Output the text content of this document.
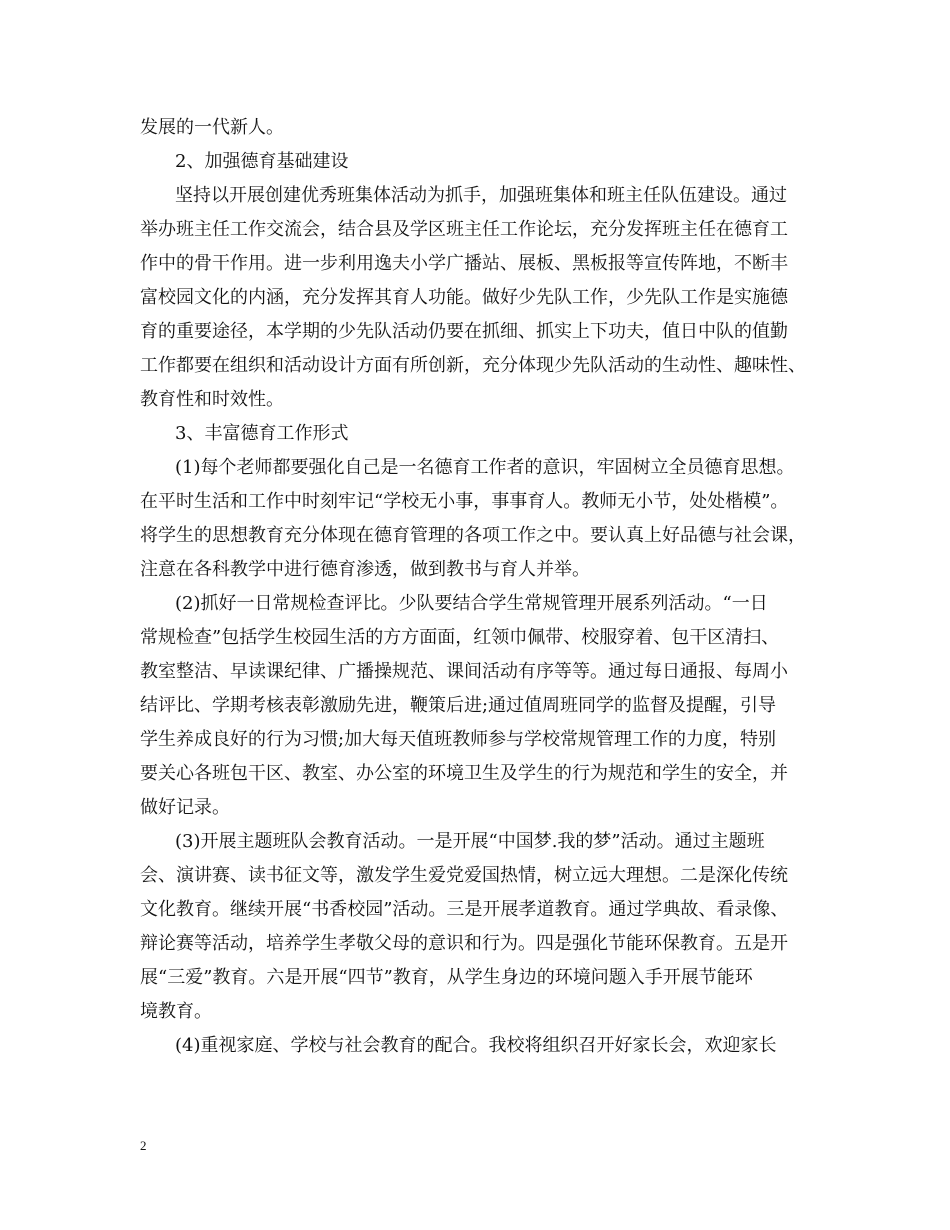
发展的一代新人。
2、加强德育基础建设
坚持以开展创建优秀班集体活动为抓手，加强班集体和班主任队伍建设。通过
举办班主任工作交流会，结合县及学区班主任工作论坛，充分发挥班主任在德育工
作中的骨干作用。进一步利用逸夫小学广播站、展板、黑板报等宣传阵地，不断丰
富校园文化的内涵，充分发挥其育人功能。做好少先队工作，少先队工作是实施德
育的重要途径，本学期的少先队活动仍要在抓细、抓实上下功夫，值日中队的值勤
工作都要在组织和活动设计方面有所创新，充分体现少先队活动的生动性、趣味性、
教育性和时效性。
3、丰富德育工作形式
(1)每个老师都要强化自己是一名德育工作者的意识，牢固树立全员德育思想。
在平时生活和工作中时刻牢记“学校无小事，事事育人。教师无小节，处处楷模”。
将学生的思想教育充分体现在德育管理的各项工作之中。要认真上好品德与社会课，
注意在各科教学中进行德育渗透，做到教书与育人并举。
(2)抓好一日常规检查评比。少队要结合学生常规管理开展系列活动。“一日
常规检查”包括学生校园生活的方方面面，红领巾佩带、校服穿着、包干区清扫、
教室整洁、早读课纪律、广播操规范、课间活动有序等等。通过每日通报、每周小
结评比、学期考核表彰激励先进，鞭策后进;通过值周班同学的监督及提醒，引导
学生养成良好的行为习惯;加大每天值班教师参与学校常规管理工作的力度，特别
要关心各班包干区、教室、办公室的环境卫生及学生的行为规范和学生的安全，并
做好记录。
(3)开展主题班队会教育活动。一是开展“中国梦.我的梦”活动。通过主题班
会、演讲赛、读书征文等，激发学生爱党爱国热情，树立远大理想。二是深化传统
文化教育。继续开展“书香校园”活动。三是开展孝道教育。通过学典故、看录像、
辩论赛等活动，培养学生孝敬父母的意识和行为。四是强化节能环保教育。五是开
展“三爱”教育。六是开展“四节”教育，从学生身边的环境问题入手开展节能环
境教育。
(4)重视家庭、学校与社会教育的配合。我校将组织召开好家长会，欢迎家长
2
